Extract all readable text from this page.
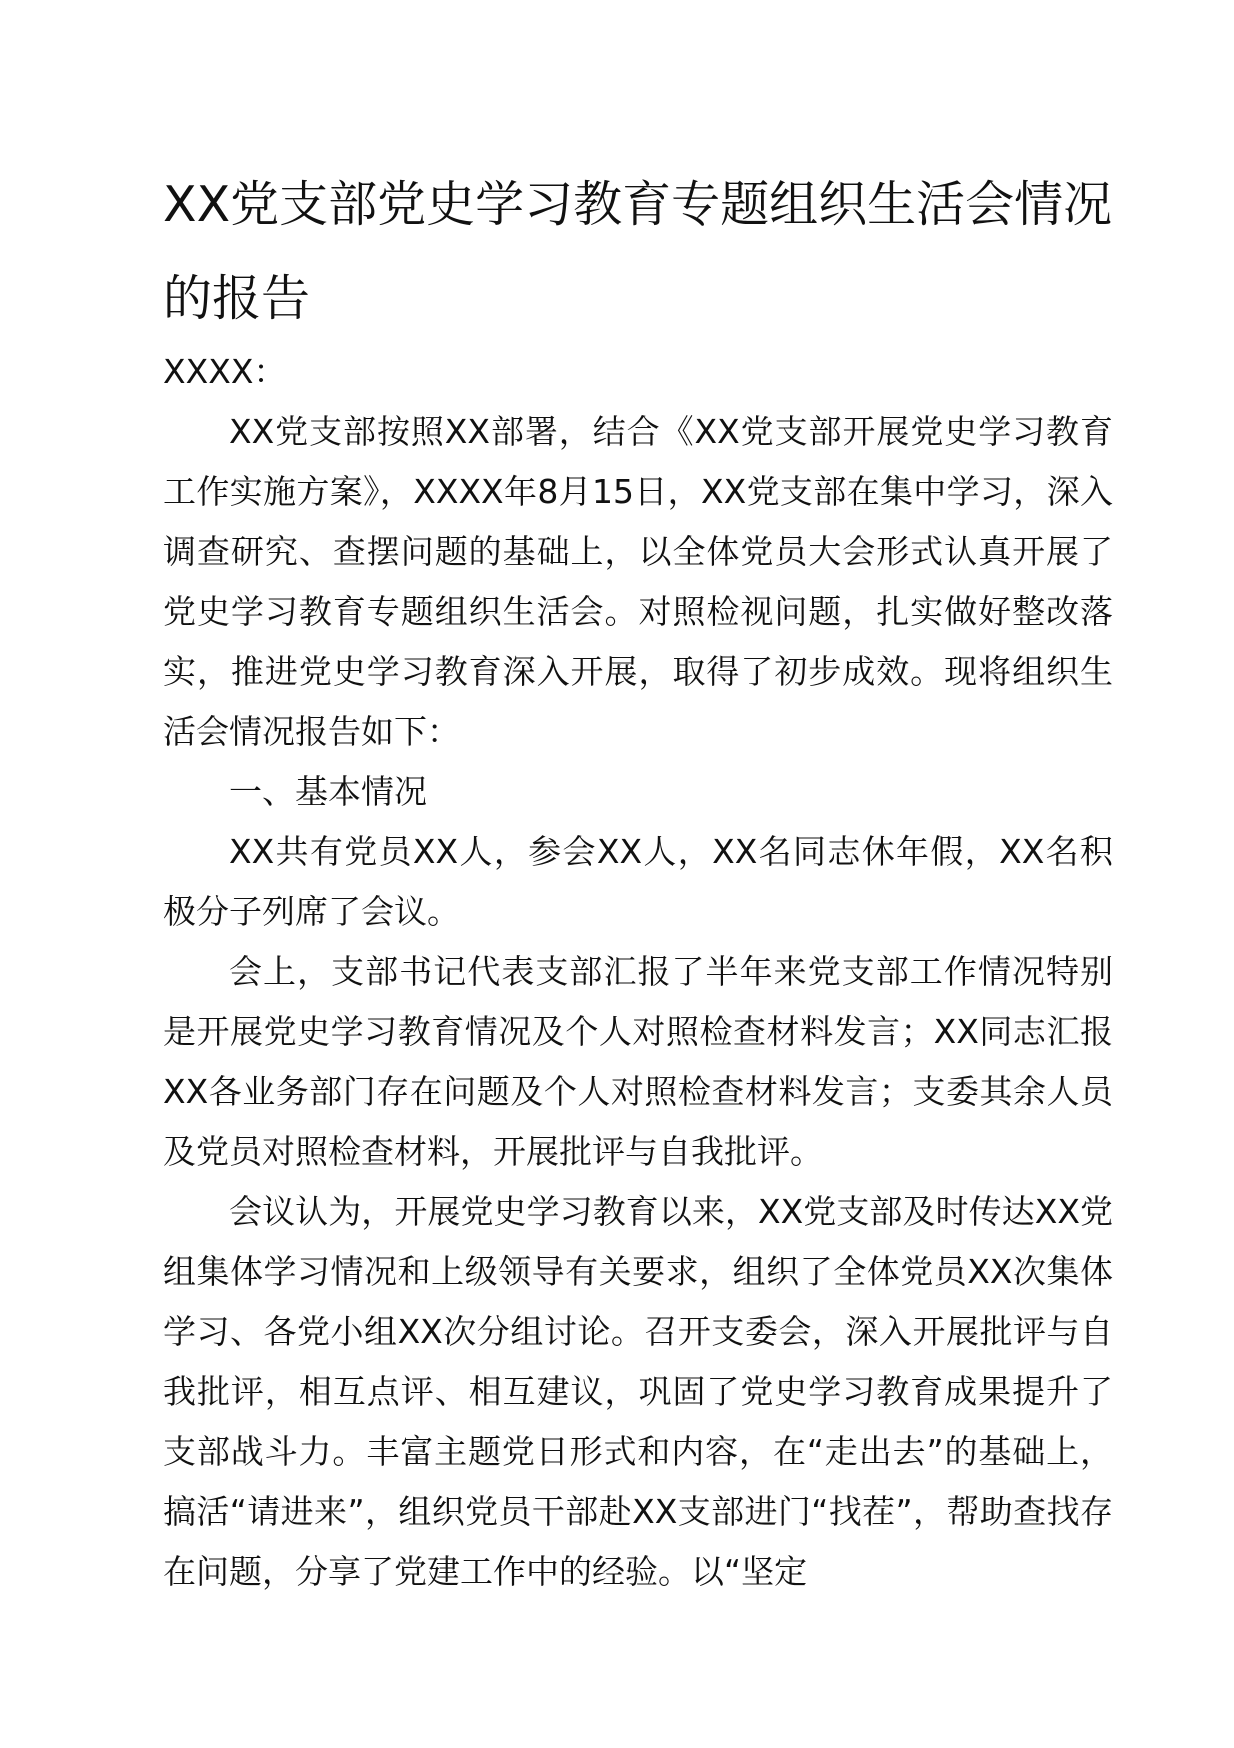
XX党支部党史学习教育专题组织生活会情况的报告

XXXX：

XX党支部按照XX部署，结合《XX党支部开展党史学习教育工作实施方案》，XXXX年8月15日，XX党支部在集中学习，深入调查研究、查摆问题的基础上，以全体党员大会形式认真开展了党史学习教育专题组织生活会。对照检视问题，扎实做好整改落实，推进党史学习教育深入开展，取得了初步成效。现将组织生活会情况报告如下：

一、基本情况

XX共有党员XX人，参会XX人，XX名同志休年假，XX名积极分子列席了会议。

会上，支部书记代表支部汇报了半年来党支部工作情况特别是开展党史学习教育情况及个人对照检查材料发言；XX同志汇报XX各业务部门存在问题及个人对照检查材料发言；支委其余人员及党员对照检查材料，开展批评与自我批评。

会议认为，开展党史学习教育以来，XX党支部及时传达XX党组集体学习情况和上级领导有关要求，组织了全体党员XX次集体学习、各党小组XX次分组讨论。召开支委会，深入开展批评与自我批评，相互点评、相互建议，巩固了党史学习教育成果提升了支部战斗力。丰富主题党日形式和内容，在“走出去”的基础上，搞活“请进来”，组织党员干部赴XX支部进门“找茬”，帮助查找存在问题，分享了党建工作中的经验。以“坚定
